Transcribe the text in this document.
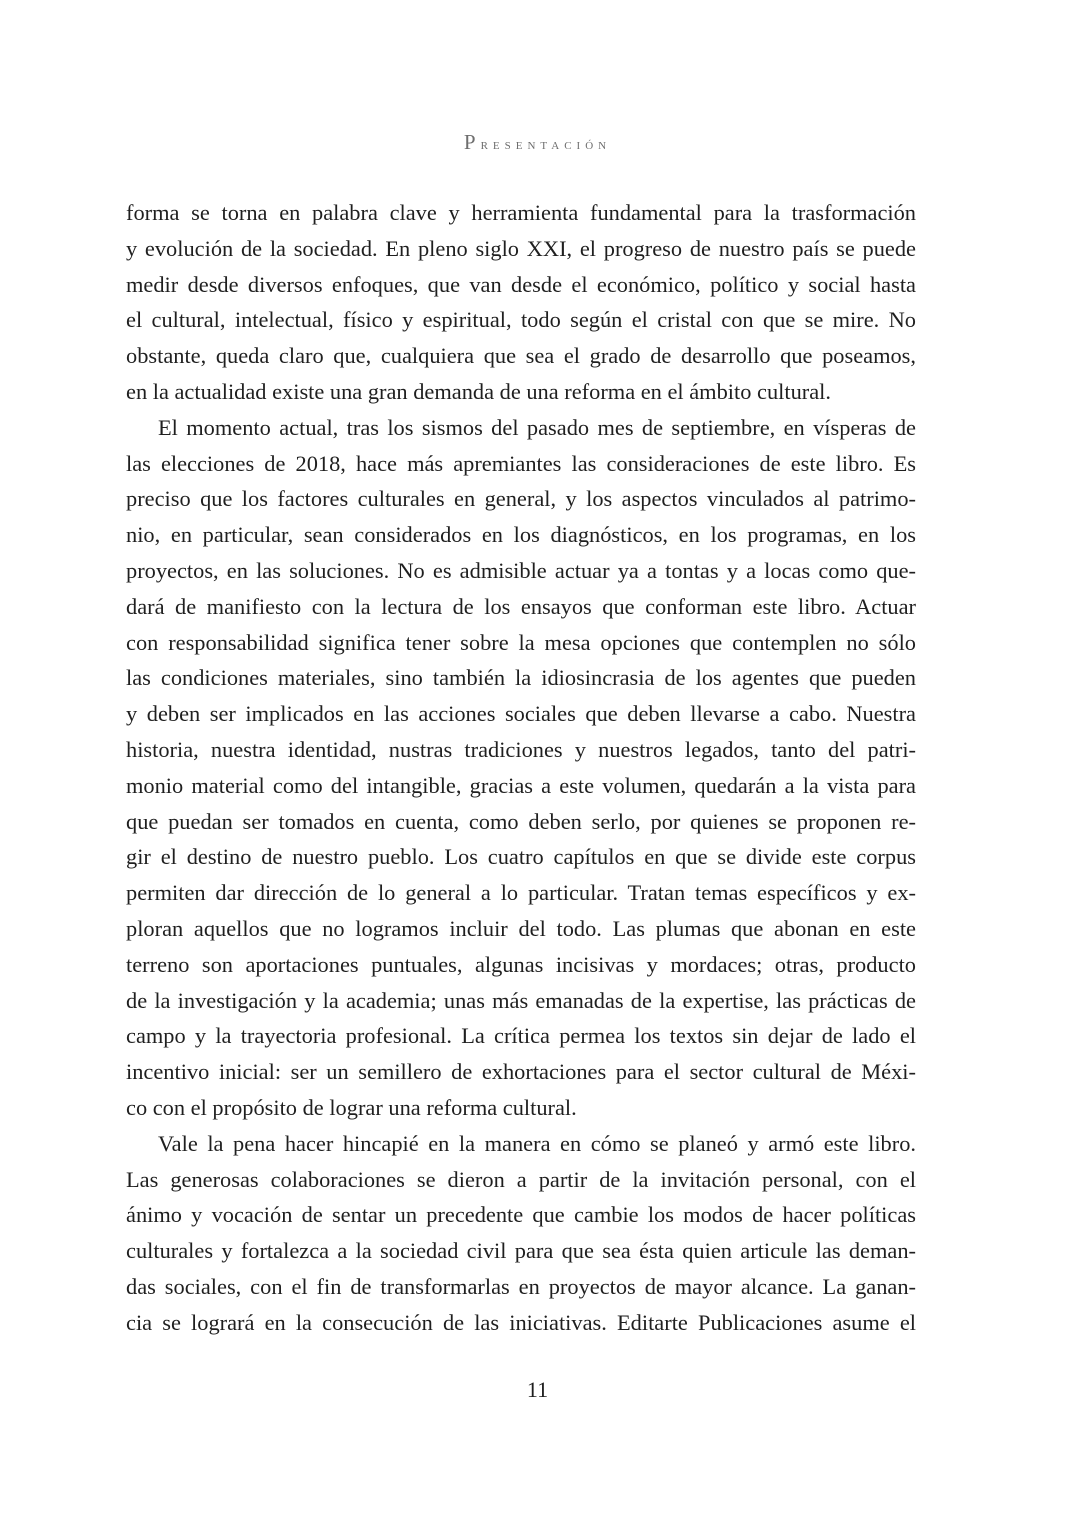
Presentación

forma se torna en palabra clave y herramienta fundamental para la trasformación
y evolución de la sociedad. En pleno siglo XXI, el progreso de nuestro país se puede
medir desde diversos enfoques, que van desde el económico, político y social hasta
el cultural, intelectual, físico y espiritual, todo según el cristal con que se mire. No
obstante, queda claro que, cualquiera que sea el grado de desarrollo que poseamos,
en la actualidad existe una gran demanda de una reforma en el ámbito cultural.

El momento actual, tras los sismos del pasado mes de septiembre, en vísperas de
las elecciones de 2018, hace más apremiantes las consideraciones de este libro. Es
preciso que los factores culturales en general, y los aspectos vinculados al patrimo-
nio, en particular, sean considerados en los diagnósticos, en los programas, en los
proyectos, en las soluciones. No es admisible actuar ya a tontas y a locas como que-
dará de manifiesto con la lectura de los ensayos que conforman este libro. Actuar
con responsabilidad significa tener sobre la mesa opciones que contemplen no sólo
las condiciones materiales, sino también la idiosincrasia de los agentes que pueden
y deben ser implicados en las acciones sociales que deben llevarse a cabo. Nuestra
historia, nuestra identidad, nustras tradiciones y nuestros legados, tanto del patri-
monio material como del intangible, gracias a este volumen, quedarán a la vista para
que puedan ser tomados en cuenta, como deben serlo, por quienes se proponen re-
gir el destino de nuestro pueblo. Los cuatro capítulos en que se divide este corpus
permiten dar dirección de lo general a lo particular. Tratan temas específicos y ex-
ploran aquellos que no logramos incluir del todo. Las plumas que abonan en este
terreno son aportaciones puntuales, algunas incisivas y mordaces; otras, producto
de la investigación y la academia; unas más emanadas de la expertise, las prácticas de
campo y la trayectoria profesional. La crítica permea los textos sin dejar de lado el
incentivo inicial: ser un semillero de exhortaciones para el sector cultural de Méxi-
co con el propósito de lograr una reforma cultural.

Vale la pena hacer hincapié en la manera en cómo se planeó y armó este libro.
Las generosas colaboraciones se dieron a partir de la invitación personal, con el
ánimo y vocación de sentar un precedente que cambie los modos de hacer políticas
culturales y fortalezca a la sociedad civil para que sea ésta quien articule las deman-
das sociales, con el fin de transformarlas en proyectos de mayor alcance. La ganan-
cia se logrará en la consecución de las iniciativas. Editarte Publicaciones asume el

11
